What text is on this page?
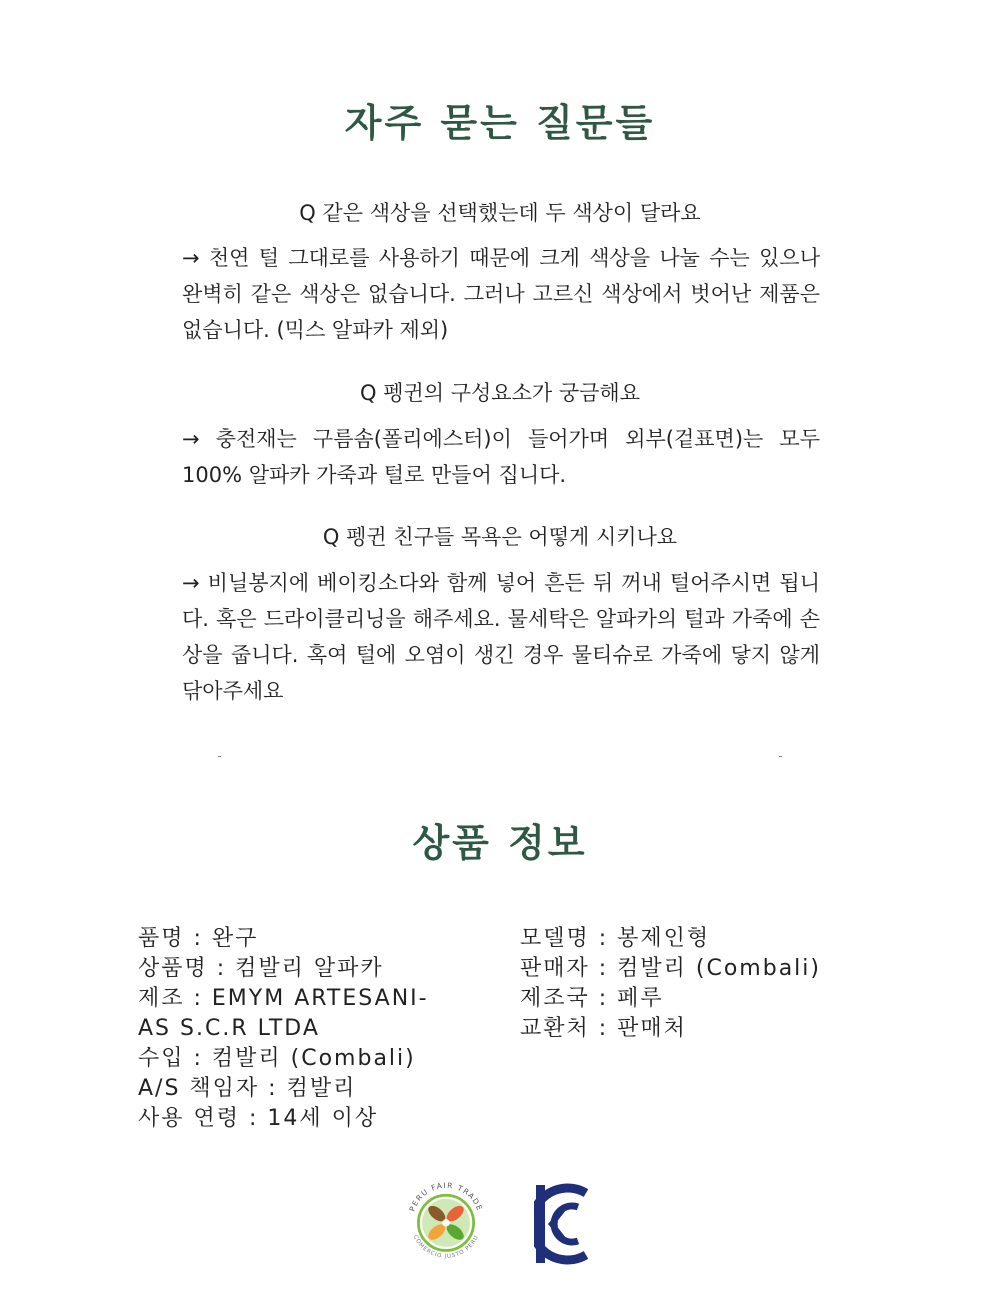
자주 묻는 질문들
Q 같은 색상을 선택했는데 두 색상이 달라요
→ 천연 털 그대로를 사용하기 때문에 크게 색상을 나눌 수는 있으나 완벽히 같은 색상은 없습니다. 그러나 고르신 색상에서 벗어난 제품은 없습니다. (믹스 알파카 제외)
Q 펭귄의 구성요소가 궁금해요
→ 충전재는 구름솜(폴리에스터)이 들어가며 외부(겉표면)는 모두 100% 알파카 가죽과 털로 만들어 집니다.
Q 펭귄 친구들 목욕은 어떻게 시키나요
→ 비닐봉지에 베이킹소다와 함께 넣어 흔든 뒤 꺼내 털어주시면 됩니다. 혹은 드라이클리닝을 해주세요. 물세탁은 알파카의 털과 가죽에 손상을 줍니다. 혹여 털에 오염이 생긴 경우 물티슈로 가죽에 닿지 않게 닦아주세요
상품 정보
품명 : 완구
상품명 : 컴발리 알파카
제조 : EMYM ARTESANI-
AS S.C.R LTDA
수입 : 컴발리 (Combali)
A/S 책임자 : 컴발리
사용 연령 : 14세 이상
모델명 : 봉제인형
판매자 : 컴발리 (Combali)
제조국 : 페루
교환처 : 판매처
PERU FAIR TRADE
COMERCIO JUSTO PERU
